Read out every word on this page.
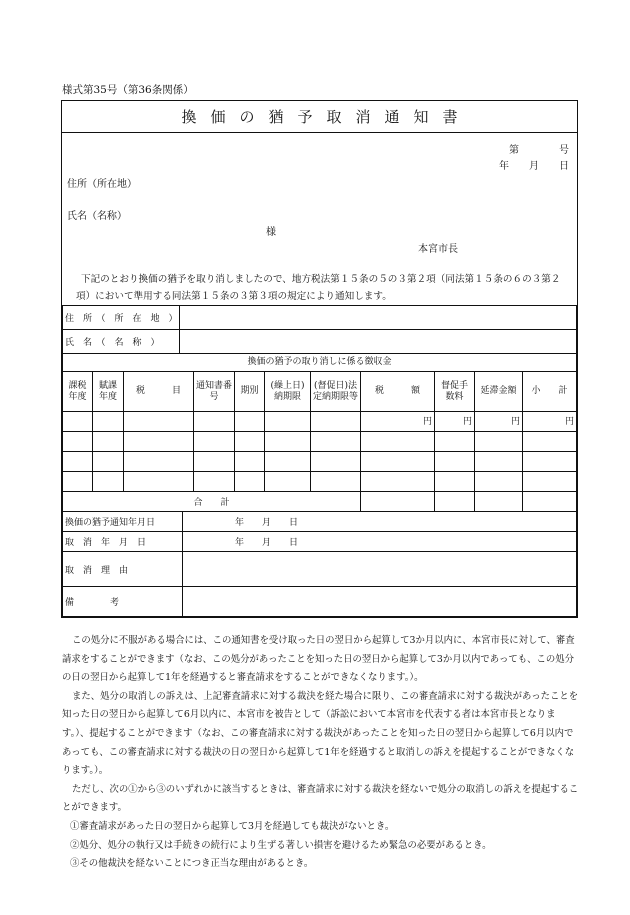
様式第35号（第36条関係）
換価の猶予取消通知書
第　　　　号
年　　月　　日
住所（所在地）
氏名（名称）
様
本宮市長
下記のとおり換価の猶予を取り消しましたので、地方税法第１５条の５の３第２項（同法第１５条の６の３第２
項）において準用する同法第１５条の３第３項の規定により通知します。
住　所　（　所　在　地　）	
氏　名　（　名　称　）	
換価の猶予の取り消しに係る徴収金										
課税年度	賦課年度	税　　　目	通知書番号	期別	(繰上日)納期限	(督促日)法定納期限等	税　　　額	督促手数料	延滞金額	小　　計
							円	円	円	円

合　　計										
換価の猶予通知年月日	年　　月　　日
取　消　年　月　日	年　　月　　日
取　消　理　由	
備　　　　考	

この処分に不服がある場合には、この通知書を受け取った日の翌日から起算して3か月以内に、本宮市長に対して、審査請求をすることができます（なお、この処分があったことを知った日の翌日から起算して3か月以内であっても、この処分の日の翌日から起算して1年を経過すると審査請求をすることができなくなります。）。

また、処分の取消しの訴えは、上記審査請求に対する裁決を経た場合に限り、この審査請求に対する裁決があったことを知った日の翌日から起算して6月以内に、本宮市を被告として（訴訟において本宮市を代表する者は本宮市長となります。）、提起することができます（なお、この審査請求に対する裁決があったことを知った日の翌日から起算して6月以内であっても、この審査請求に対する裁決の日の翌日から起算して1年を経過すると取消しの訴えを提起することができなくなります。）。

ただし、次の①から③のいずれかに該当するときは、審査請求に対する裁決を経ないで処分の取消しの訴えを提起することができます。

①審査請求があった日の翌日から起算して3月を経過しても裁決がないとき。

②処分、処分の執行又は手続きの続行により生ずる著しい損害を避けるため緊急の必要があるとき。

③その他裁決を経ないことにつき正当な理由があるとき。
